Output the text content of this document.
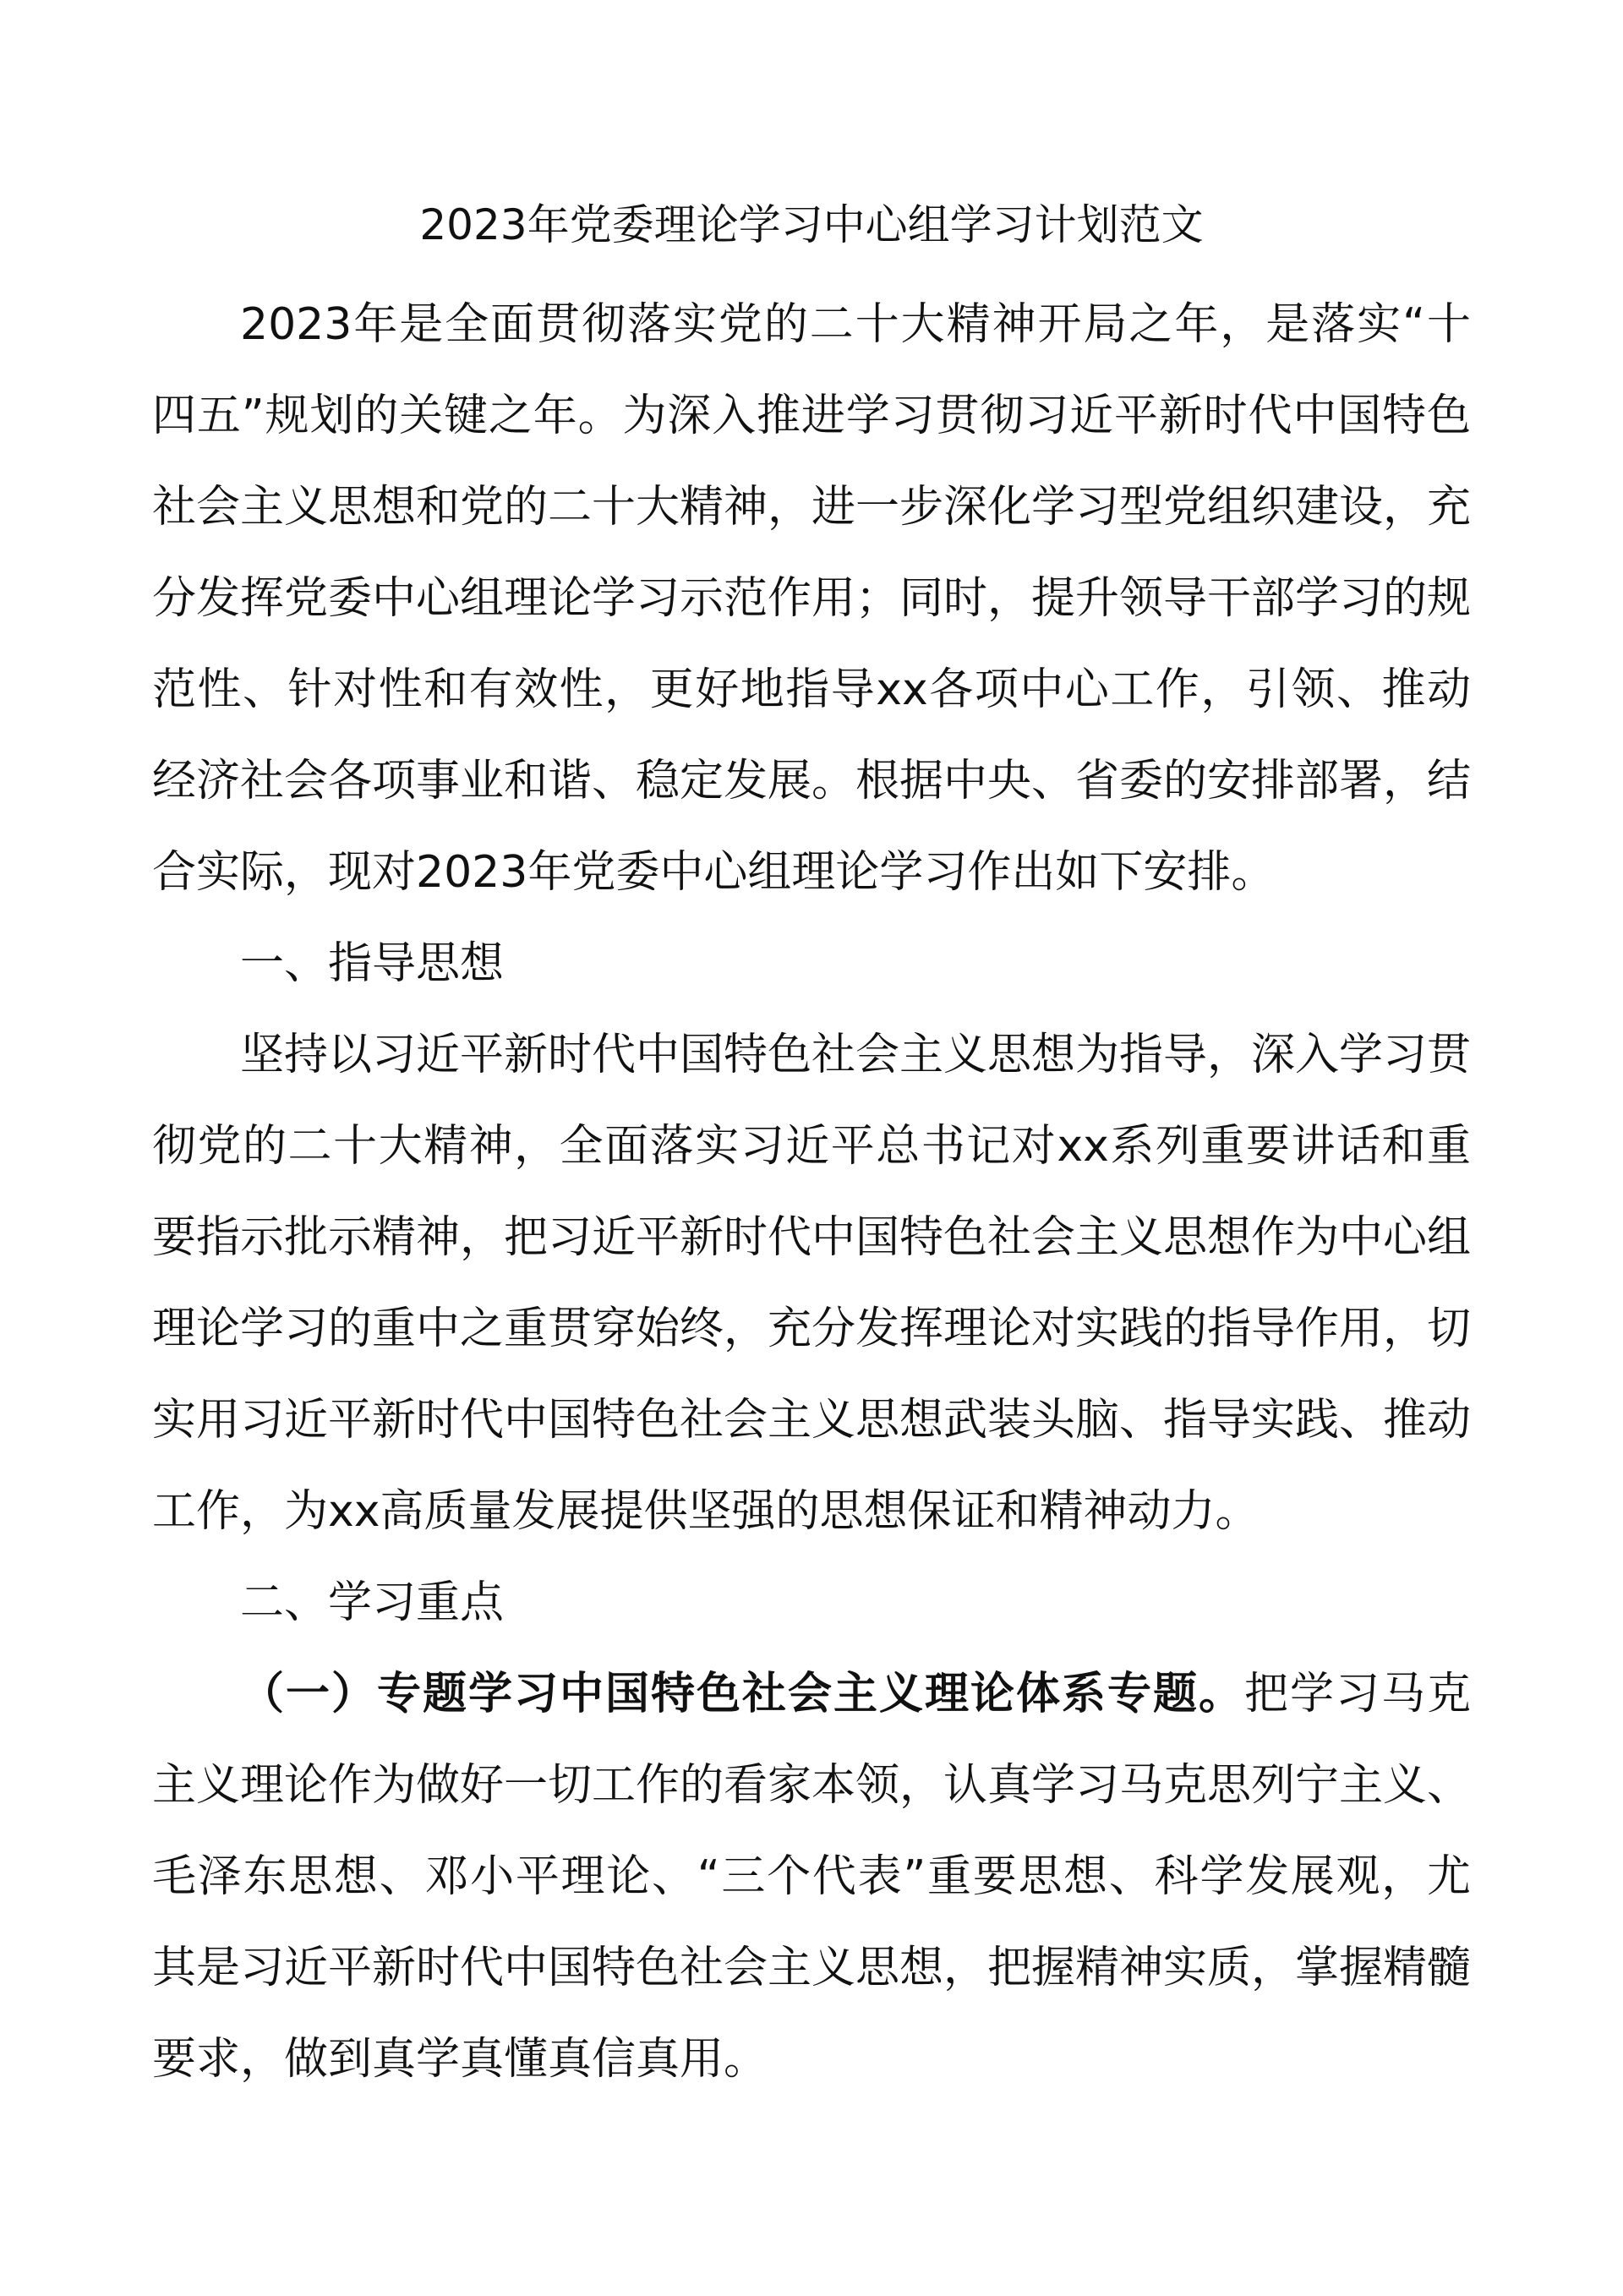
2023年党委理论学习中心组学习计划范文

2023年是全面贯彻落实党的二十大精神开局之年，是落实“十四五”规划的关键之年。为深入推进学习贯彻习近平新时代中国特色社会主义思想和党的二十大精神，进一步深化学习型党组织建设，充分发挥党委中心组理论学习示范作用；同时，提升领导干部学习的规范性、针对性和有效性，更好地指导xx各项中心工作，引领、推动经济社会各项事业和谐、稳定发展。根据中央、省委的安排部署，结合实际，现对2023年党委中心组理论学习作出如下安排。

一、指导思想

坚持以习近平新时代中国特色社会主义思想为指导，深入学习贯彻党的二十大精神，全面落实习近平总书记对xx系列重要讲话和重要指示批示精神，把习近平新时代中国特色社会主义思想作为中心组理论学习的重中之重贯穿始终，充分发挥理论对实践的指导作用，切实用习近平新时代中国特色社会主义思想武装头脑、指导实践、推动工作，为xx高质量发展提供坚强的思想保证和精神动力。

二、学习重点

（一）专题学习中国特色社会主义理论体系专题。把学习马克主义理论作为做好一切工作的看家本领，认真学习马克思列宁主义、毛泽东思想、邓小平理论、“三个代表”重要思想、科学发展观，尤其是习近平新时代中国特色社会主义思想，把握精神实质，掌握精髓要求，做到真学真懂真信真用。
